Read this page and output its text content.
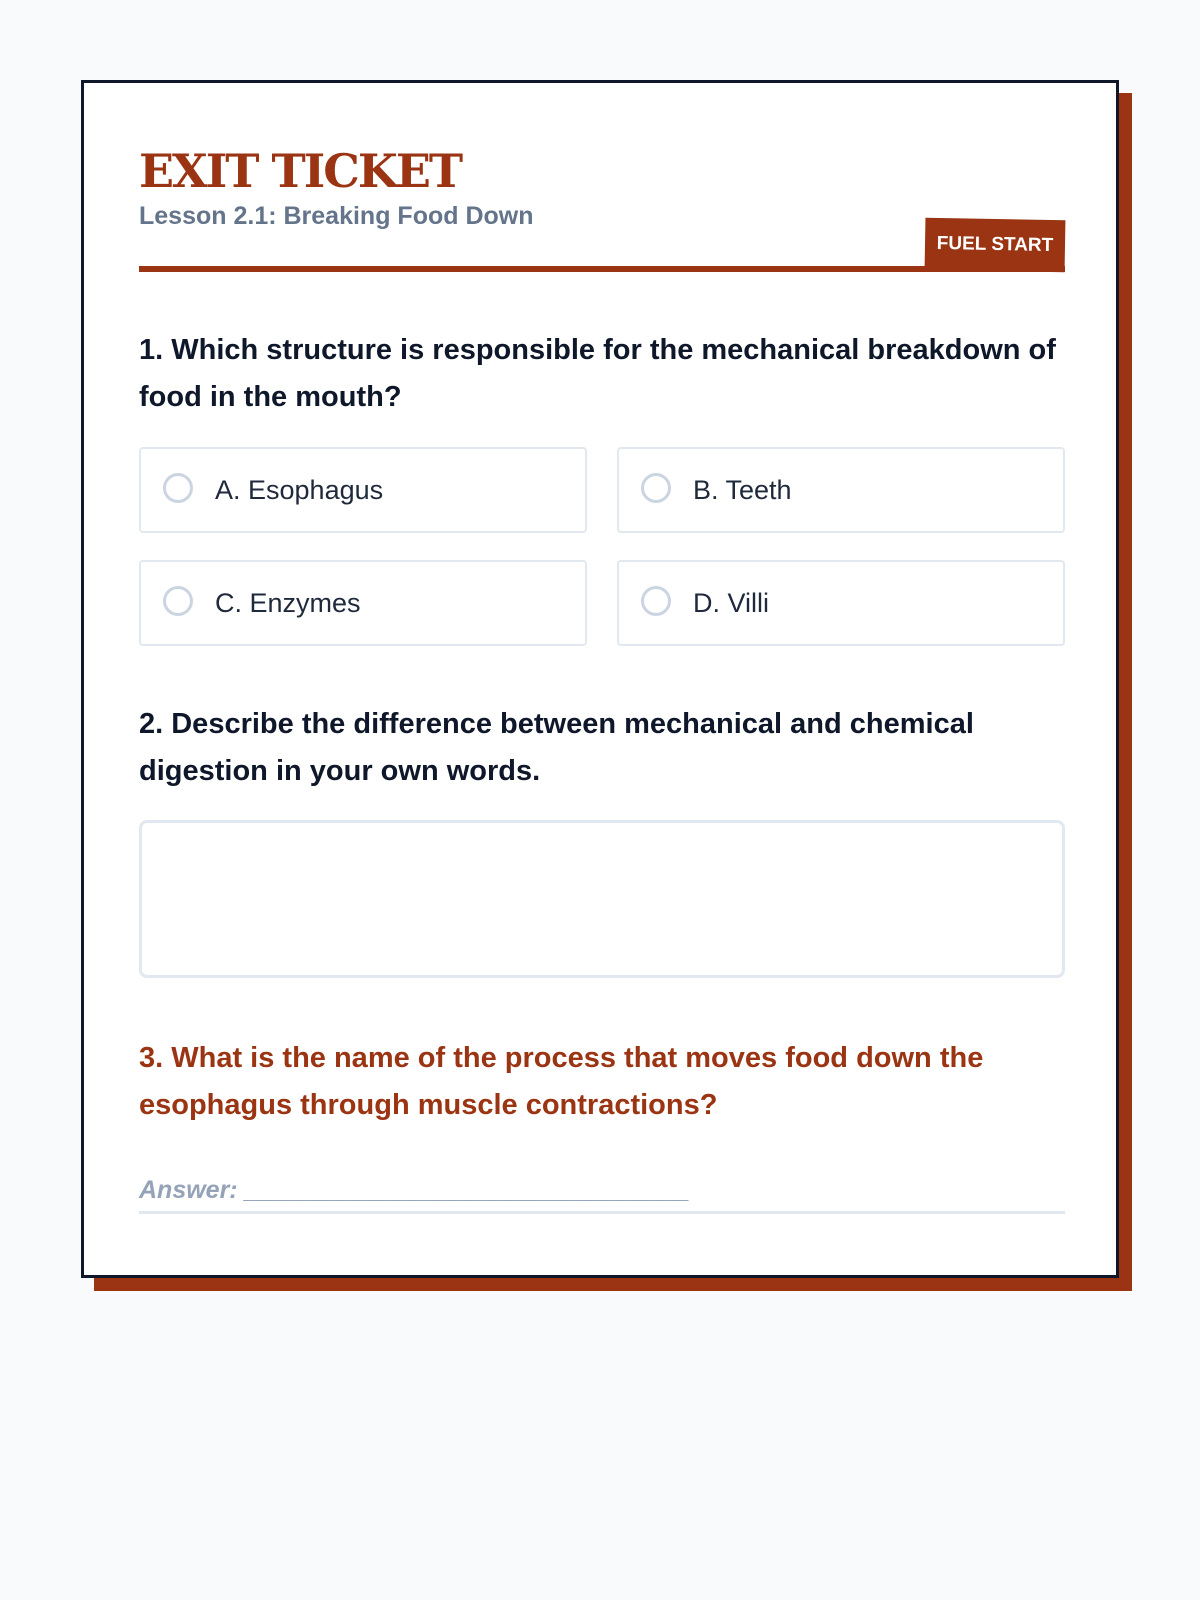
EXIT TICKET
Lesson 2.1: Breaking Food Down
FUEL START
1. Which structure is responsible for the mechanical breakdown of food in the mouth?
A. Esophagus	B. Teeth
C. Enzymes	D. Villi
2. Describe the difference between mechanical and chemical digestion in your own words.
3. What is the name of the process that moves food down the esophagus through muscle contractions?
Answer: ________________________________
